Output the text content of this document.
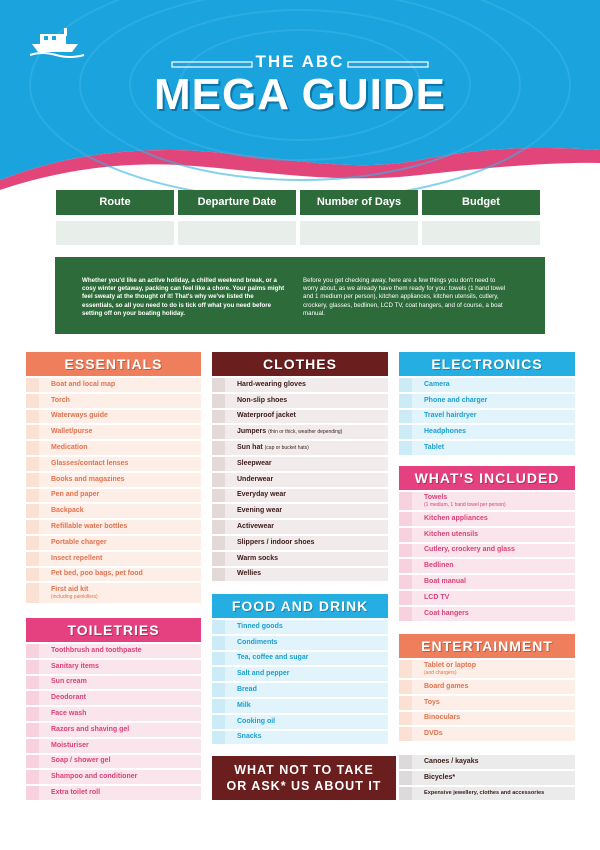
THE ABC
MEGA GUIDE
Route	Departure Date	Number of Days	Budget

Whether you'd like an active holiday, a chilled weekend break, or a cosy winter getaway, packing can feel like a chore. Your palms might feel sweaty at the thought of it! That's why we've listed the essentials, so all you need to do is tick off what you need before setting off on your boating holiday.

Before you get checking away, here are a few things you don't need to worry about, as we already have them ready for you: towels (1 hand towel and 1 medium per person), kitchen appliances, kitchen utensils, cutlery, crockery, glasses, bedlinen, LCD TV, coat hangers, and of course, a boat manual.

ESSENTIALS
Boat and local map
Torch
Waterways guide
Wallet/purse
Medication
Glasses/contact lenses
Books and magazines
Pen and paper
Backpack
Refillable water bottles
Portable charger
Insect repellent
Pet bed, poo bags, pet food
First aid kit
(including painkillers)
TOILETRIES
Toothbrush and toothpaste
Sanitary items
Sun cream
Deodorant
Face wash
Razors and shaving gel
Moisturiser
Soap / shower gel
Shampoo and conditioner
Extra toilet roll
CLOTHES
Hard-wearing gloves
Non-slip shoes
Waterproof jacket
Jumpers (thin or thick, weather depending)
Sun hat (cap or bucket hats)
Sleepwear
Underwear
Everyday wear
Evening wear
Activewear
Slippers / indoor shoes
Warm socks
Wellies
FOOD AND DRINK
Tinned goods
Condiments
Tea, coffee and sugar
Salt and pepper
Bread
Milk
Cooking oil
Snacks
WHAT NOT TO TAKE
OR ASK* US ABOUT IT
ELECTRONICS
Camera
Phone and charger
Travel hairdryer
Headphones
Tablet
WHAT'S INCLUDED
Towels
(1 medium, 1 hand towel per person)
Kitchen appliances
Kitchen utensils
Cutlery, crockery and glass
Bedlinen
Boat manual
LCD TV
Coat hangers
ENTERTAINMENT
Tablet or laptop
(and chargers)
Board games
Toys
Binoculars
DVDs
Canoes / kayaks
Bicycles*
Expensive jewellery, clothes and accessories
